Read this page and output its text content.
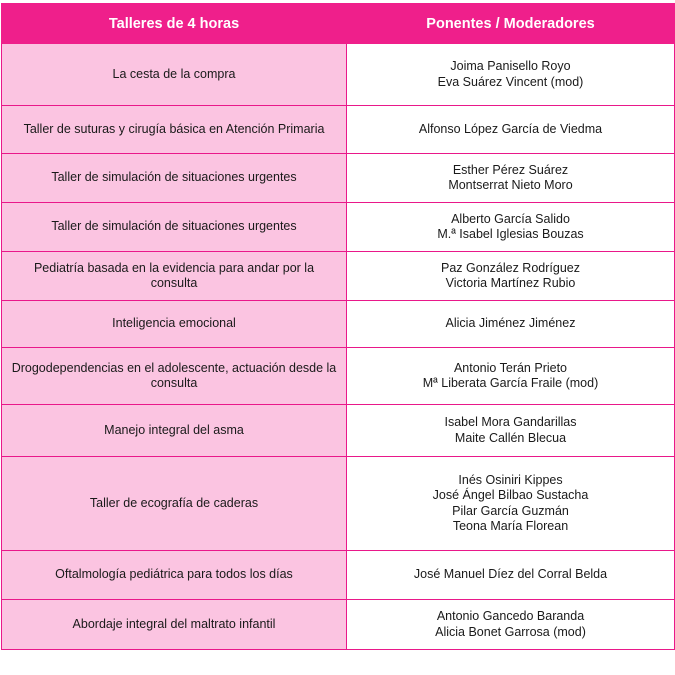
Talleres de 4 horas	Ponentes / Moderadores
La cesta de la compra	Joima Panisello Royo
Eva Suárez Vincent (mod)

Taller de suturas y cirugía básica en Atención Primaria	Alfonso López García de Viedma

Taller de simulación de situaciones urgentes	Esther Pérez Suárez
Montserrat Nieto Moro

Taller de simulación de situaciones urgentes	Alberto García Salido
M.ª Isabel Iglesias Bouzas

Pediatría basada en la evidencia para andar por la consulta	Paz González Rodríguez
Victoria Martínez Rubio

Inteligencia emocional	Alicia Jiménez Jiménez

Drogodependencias en el adolescente, actuación desde la consulta	Antonio Terán Prieto
Mª Liberata García Fraile (mod)

Manejo integral del asma	Isabel Mora Gandarillas
Maite Callén Blecua

Taller de ecografía de caderas	Inés Osiniri Kippes
José Ángel Bilbao Sustacha
Pilar García Guzmán
Teona María Florean

Oftalmología pediátrica para todos los días	José Manuel Díez del Corral Belda

Abordaje integral del maltrato infantil	Antonio Gancedo Baranda
Alicia Bonet Garrosa (mod)
